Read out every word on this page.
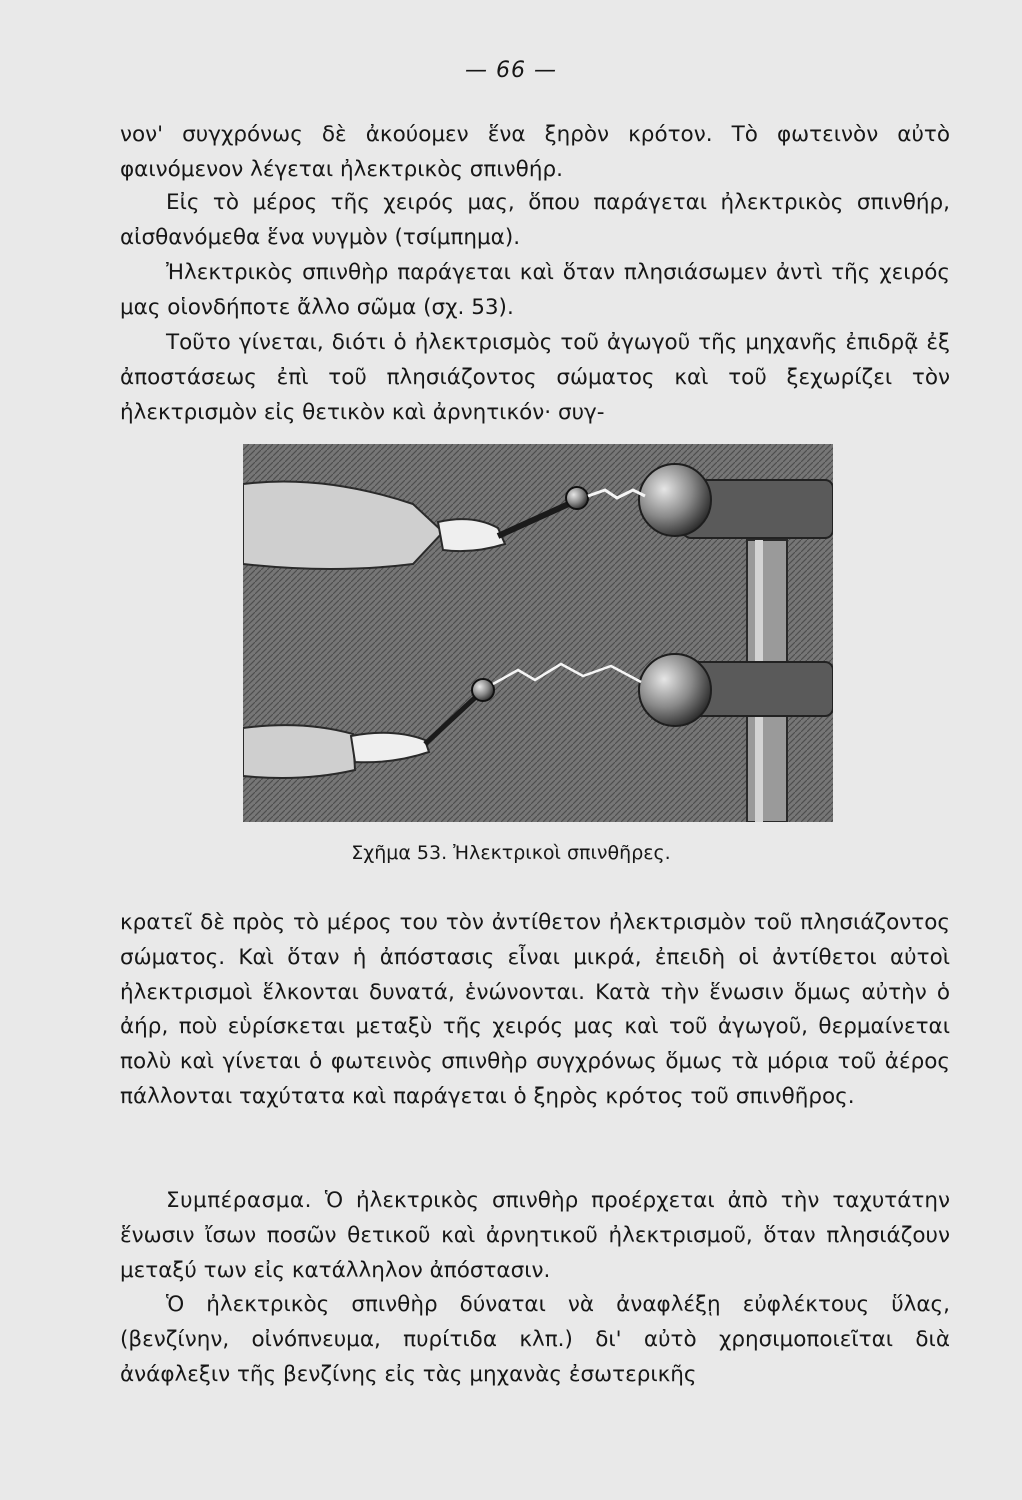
— 66 —

νον' συγχρόνως δὲ ἀκούομεν ἕνα ξηρὸν κρότον. Τὸ φωτεινὸν αὐτὸ φαινόμενον λέγεται ἠλεκτρικὸς σπινθήρ.

Εἰς τὸ μέρος τῆς χειρός μας, ὅπου παράγεται ἠλεκτρικὸς σπινθήρ, αἰσθανόμεθα ἕνα νυγμὸν (τσίμπημα).

Ἠλεκτρικὸς σπινθὴρ παράγεται καὶ ὅταν πλησιάσωμεν ἀντὶ τῆς χειρός μας οἱονδήποτε ἄλλο σῶμα (σχ. 53).

Τοῦτο γίνεται, διότι ὁ ἠλεκτρισμὸς τοῦ ἀγωγοῦ τῆς μηχανῆς ἐπιδρᾷ ἐξ ἀποστάσεως ἐπὶ τοῦ πλησιάζοντος σώματος καὶ τοῦ ξεχωρίζει τὸν ἠλεκτρισμὸν εἰς θετικὸν καὶ ἀρνητικόν· συγ-

Σχῆμα 53. Ἠλεκτρικοὶ σπινθῆρες.

κρατεῖ δὲ πρὸς τὸ μέρος του τὸν ἀντίθετον ἠλεκτρισμὸν τοῦ πλησιάζοντος σώματος. Καὶ ὅταν ἡ ἀπόστασις εἶναι μικρά, ἐπειδὴ οἱ ἀντίθετοι αὐτοὶ ἠλεκτρισμοὶ ἕλκονται δυνατά, ἑνώνονται. Κατὰ τὴν ἕνωσιν ὅμως αὐτὴν ὁ ἀήρ, ποὺ εὑρίσκεται μεταξὺ τῆς χειρός μας καὶ τοῦ ἀγωγοῦ, θερμαίνεται πολὺ καὶ γίνεται ὁ φωτεινὸς σπινθὴρ συγχρόνως ὅμως τὰ μόρια τοῦ ἀέρος πάλλονται ταχύτατα καὶ παράγεται ὁ ξηρὸς κρότος τοῦ σπινθῆρος.

Συμπέρασμα. Ὁ ἠλεκτρικὸς σπινθὴρ προέρχεται ἀπὸ τὴν ταχυτάτην ἕνωσιν ἴσων ποσῶν θετικοῦ καὶ ἀρνητικοῦ ἠλεκτρισμοῦ, ὅταν πλησιάζουν μεταξύ των εἰς κατάλληλον ἀπόστασιν.

Ὁ ἠλεκτρικὸς σπινθὴρ δύναται νὰ ἀναφλέξῃ εὐφλέκτους ὕλας, (βενζίνην, οἰνόπνευμα, πυρίτιδα κλπ.) δι' αὐτὸ χρησιμοποιεῖται διὰ ἀνάφλεξιν τῆς βενζίνης εἰς τὰς μηχανὰς ἐσωτερικῆς
